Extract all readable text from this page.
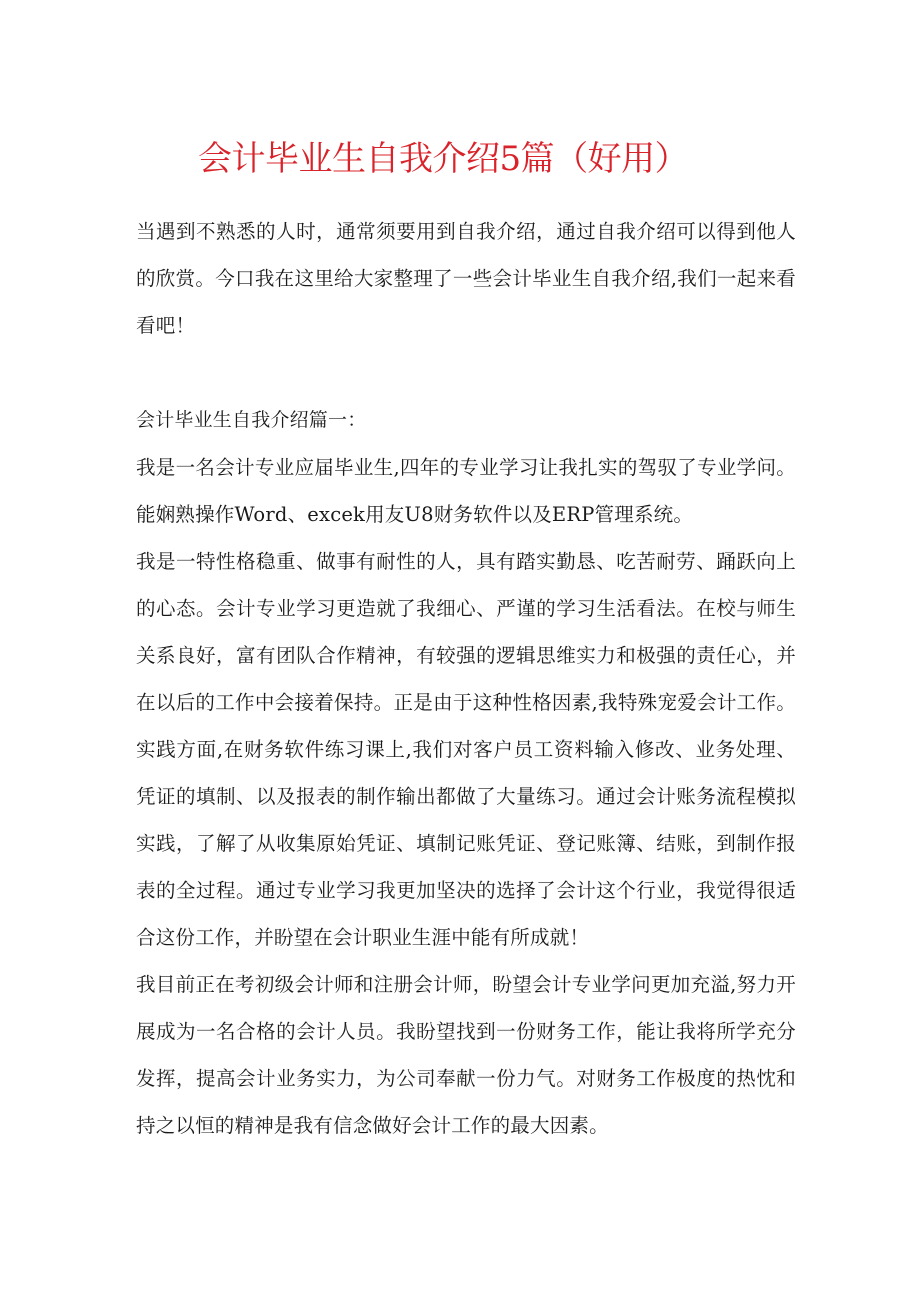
会计毕业生自我介绍5篇（好用）

当遇到不熟悉的人时，通常须要用到自我介绍，通过自我介绍可以得到他人的欣赏。今口我在这里给大家整理了一些会计毕业生自我介绍,我们一起来看看吧！

会计毕业生自我介绍篇一：

我是一名会计专业应届毕业生,四年的专业学习让我扎实的驾驭了专业学问。能娴熟操作Word、excek用友U8财务软件以及ERP管理系统。

我是一特性格稳重、做事有耐性的人，具有踏实勤恳、吃苦耐劳、踊跃向上的心态。会计专业学习更造就了我细心、严谨的学习生活看法。在校与师生关系良好，富有团队合作精神，有较强的逻辑思维实力和极强的责任心，并在以后的工作中会接着保持。正是由于这种性格因素,我特殊宠爱会计工作。实践方面,在财务软件练习课上,我们对客户员工资料输入修改、业务处理、凭证的填制、以及报表的制作输出都做了大量练习。通过会计账务流程模拟实践，了解了从收集原始凭证、填制记账凭证、登记账簿、结账，到制作报表的全过程。通过专业学习我更加坚决的选择了会计这个行业，我觉得很适合这份工作，并盼望在会计职业生涯中能有所成就！

我目前正在考初级会计师和注册会计师，盼望会计专业学问更加充溢,努力开展成为一名合格的会计人员。我盼望找到一份财务工作，能让我将所学充分发挥，提高会计业务实力，为公司奉献一份力气。对财务工作极度的热忱和持之以恒的精神是我有信念做好会计工作的最大因素。
